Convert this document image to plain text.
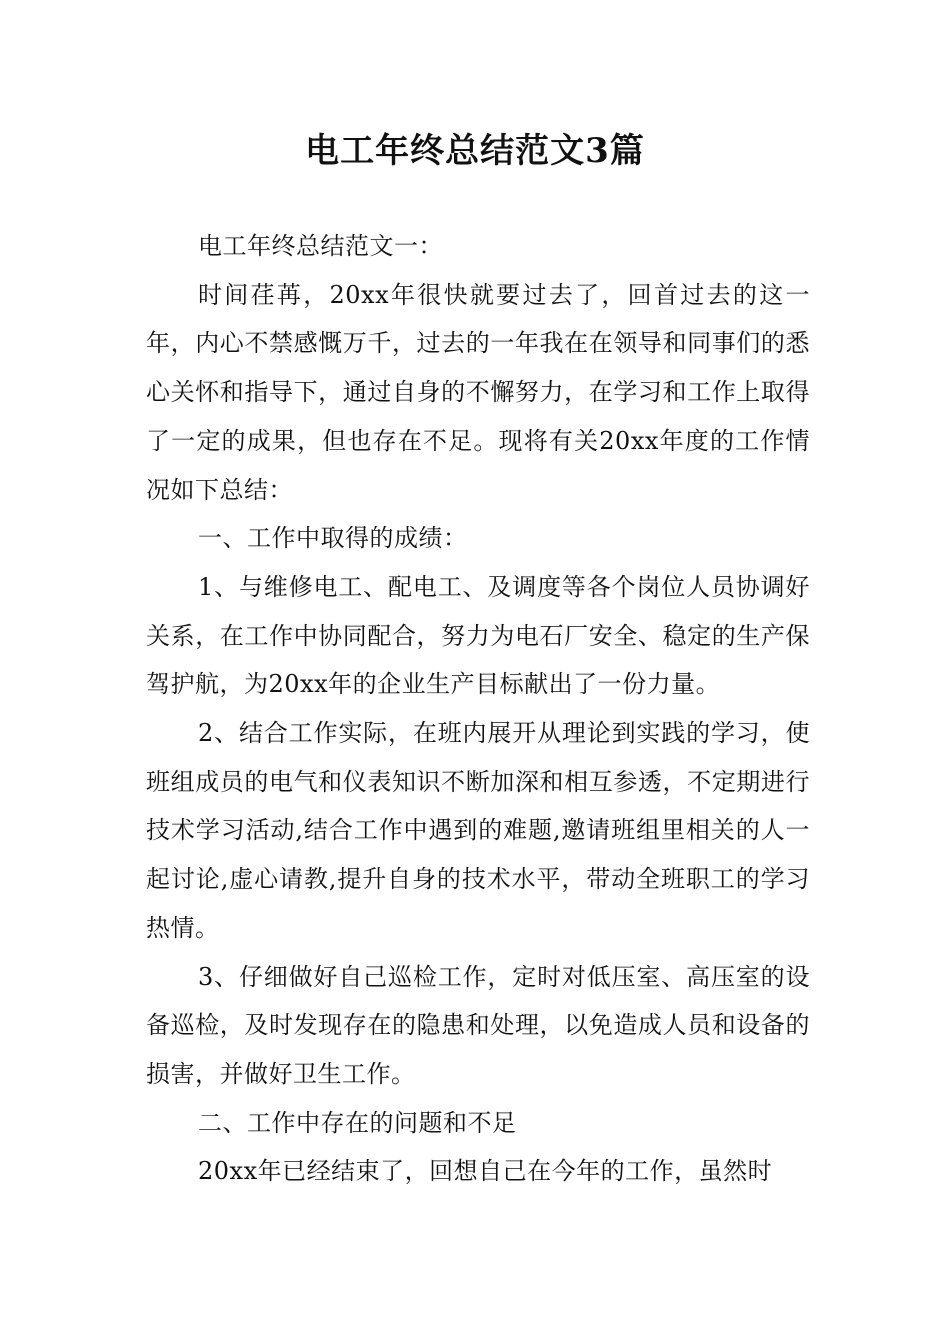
电工年终总结范文3篇

电工年终总结范文一：

时间荏苒，20xx年很快就要过去了，回首过去的这一年，内心不禁感慨万千，过去的一年我在在领导和同事们的悉心关怀和指导下，通过自身的不懈努力，在学习和工作上取得了一定的成果，但也存在不足。现将有关20xx年度的工作情况如下总结：

一、工作中取得的成绩：

1、与维修电工、配电工、及调度等各个岗位人员协调好关系，在工作中协同配合，努力为电石厂安全、稳定的生产保驾护航，为20xx年的企业生产目标献出了一份力量。

2、结合工作实际，在班内展开从理论到实践的学习，使班组成员的电气和仪表知识不断加深和相互参透，不定期进行技术学习活动,结合工作中遇到的难题,邀请班组里相关的人一起讨论,虚心请教,提升自身的技术水平，带动全班职工的学习热情。

3、仔细做好自己巡检工作，定时对低压室、高压室的设备巡检，及时发现存在的隐患和处理，以免造成人员和设备的损害，并做好卫生工作。

二、工作中存在的问题和不足

20xx年已经结束了，回想自己在今年的工作，虽然时
